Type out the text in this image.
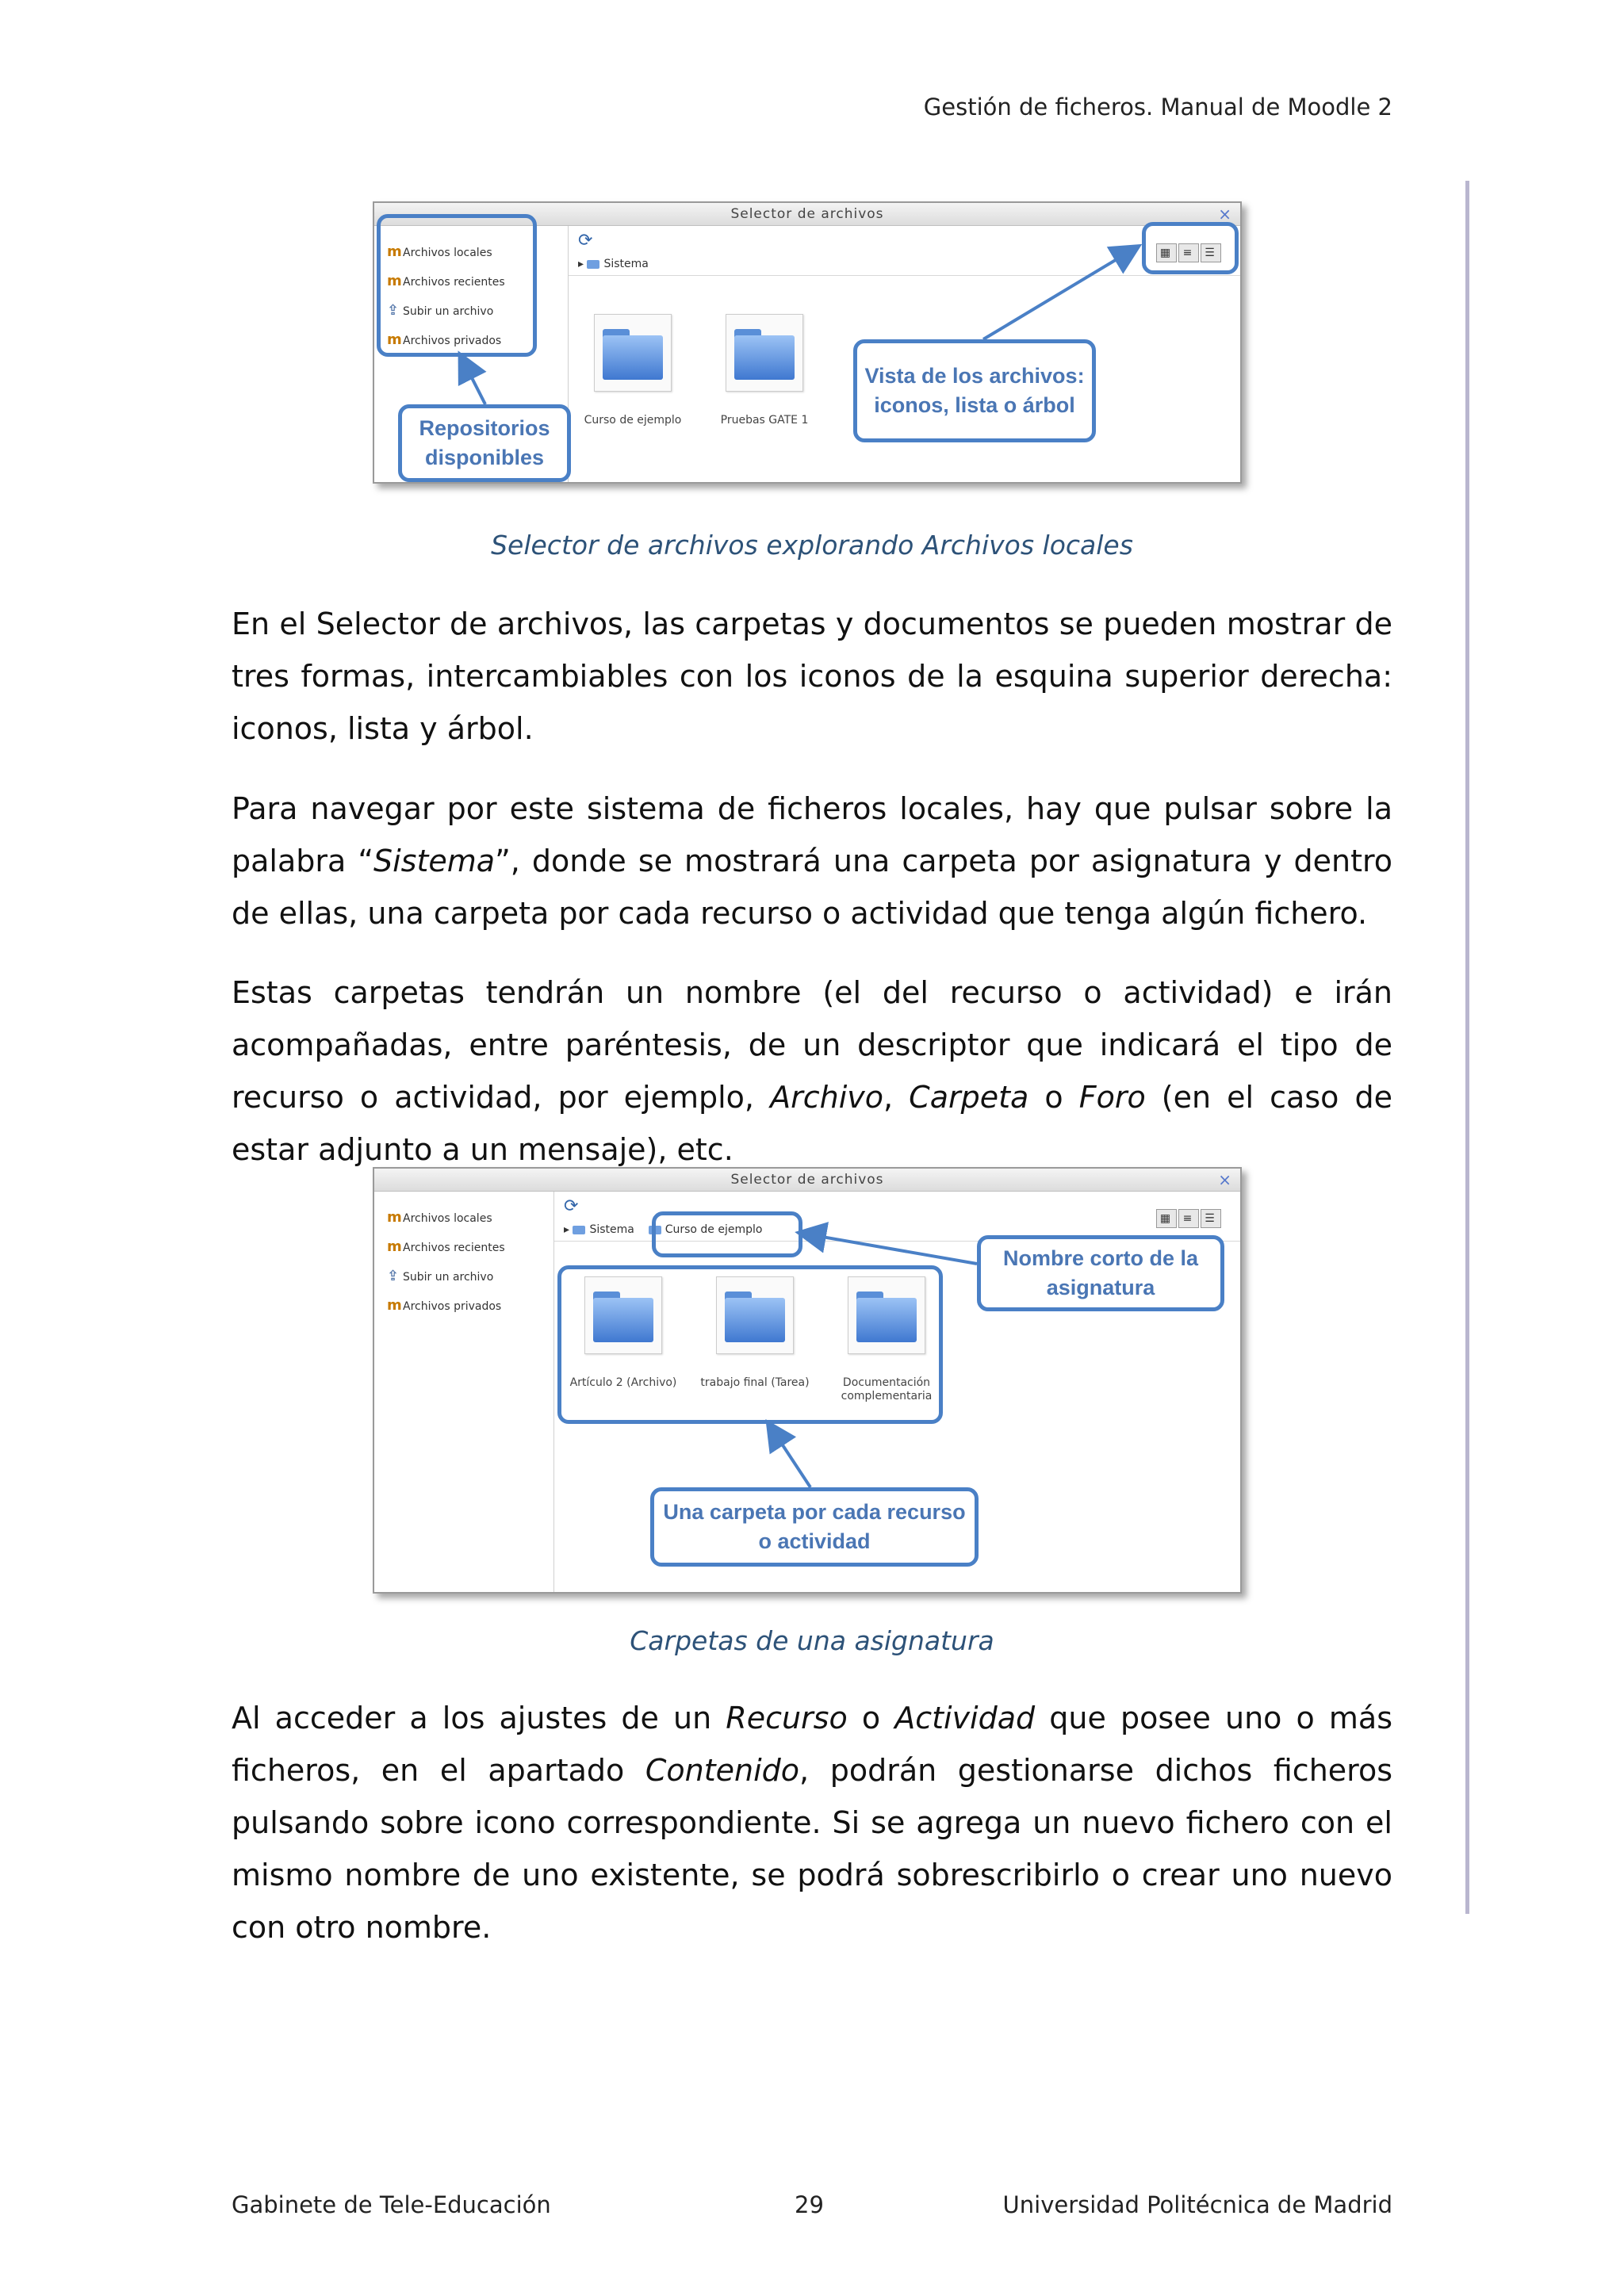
Gestión de ficheros. Manual de Moodle 2
Selector de archivos	×
mArchivos locales
mArchivos recientes
⇪ Subir un archivo
mArchivos privados
⟳
▸ Sistema
▦ ≡ ☰
Curso de ejemplo	Pruebas GATE 1
Vista de los archivos: iconos, lista o árbol
Repositorios disponibles
Selector de archivos explorando Archivos locales
En el Selector de archivos, las carpetas y documentos se pueden mostrar de tres formas, intercambiables con los iconos de la esquina superior derecha: iconos, lista y árbol.
Para navegar por este sistema de ficheros locales, hay que pulsar sobre la palabra “Sistema”, donde se mostrará una carpeta por asignatura y dentro de ellas, una carpeta por cada recurso o actividad que tenga algún fichero.
Estas carpetas tendrán un nombre (el del recurso o actividad) e irán acompañadas, entre paréntesis, de un descriptor que indicará el tipo de recurso o actividad, por ejemplo, Archivo, Carpeta o Foro (en el caso de estar adjunto a un mensaje), etc.
Selector de archivos	×
mArchivos locales
mArchivos recientes
⇪ Subir un archivo
mArchivos privados
⟳
▸ Sistema	Curso de ejemplo
▦ ≡ ☰
Artículo 2 (Archivo) trabajo final (Tarea)	Documentación complementaria
Nombre corto de la asignatura
Una carpeta por cada recurso o actividad
Carpetas de una asignatura
Al acceder a los ajustes de un Recurso o Actividad que posee uno o más ficheros, en el apartado Contenido, podrán gestionarse dichos ficheros pulsando sobre icono correspondiente. Si se agrega un nuevo fichero con el mismo nombre de uno existente, se podrá sobrescribirlo o crear uno nuevo con otro nombre.
Gabinete de Tele-Educación	29	Universidad Politécnica de Madrid
